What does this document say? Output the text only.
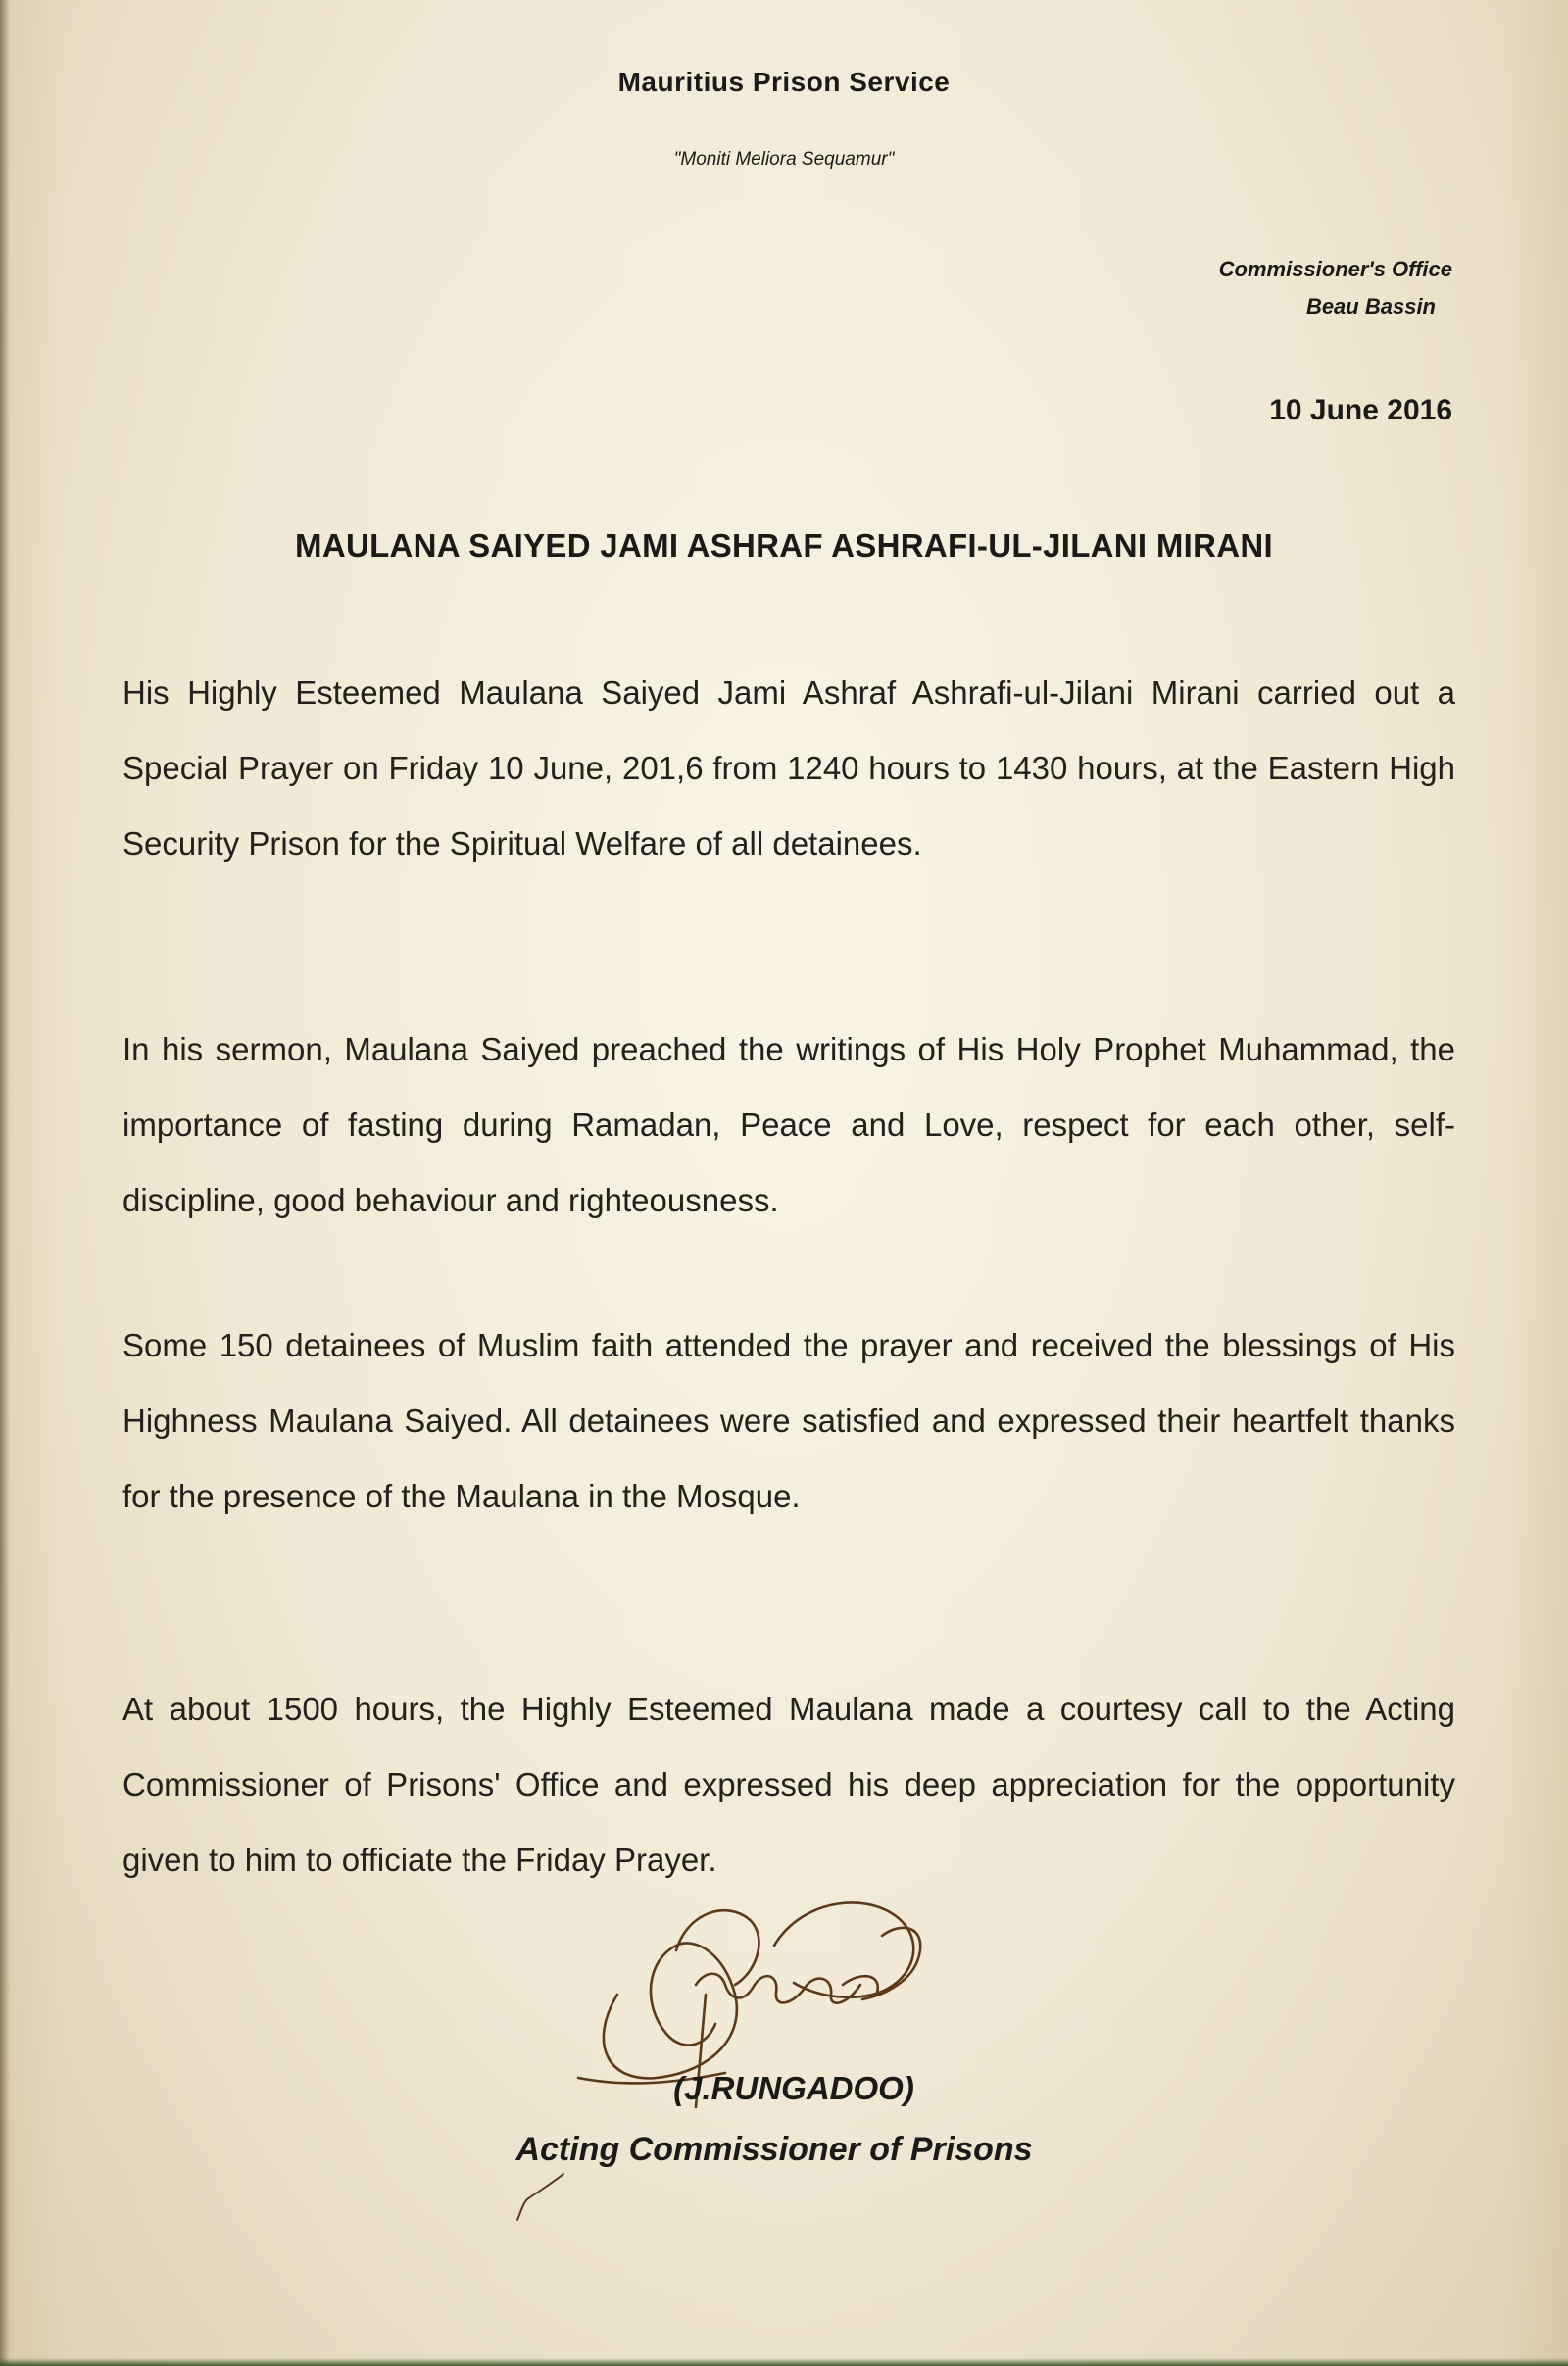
Mauritius Prison Service
"Moniti Meliora Sequamur"
Commissioner's Office
Beau Bassin
10 June 2016
MAULANA SAIYED JAMI ASHRAF ASHRAFI-UL-JILANI MIRANI
His Highly Esteemed Maulana Saiyed Jami Ashraf Ashrafi-ul-Jilani Mirani carried out a Special Prayer on Friday 10 June, 201,6 from 1240 hours to 1430 hours, at the Eastern High Security Prison for the Spiritual Welfare of all detainees.
In his sermon, Maulana Saiyed preached the writings of His Holy Prophet Muhammad, the importance of fasting during Ramadan, Peace and Love, respect for each other, self-discipline, good behaviour and righteousness.
Some 150 detainees of Muslim faith attended the prayer and received the blessings of His Highness Maulana Saiyed. All detainees were satisfied and expressed their heartfelt thanks for the presence of the Maulana in the Mosque.
At about 1500 hours, the Highly Esteemed Maulana made a courtesy call to the Acting Commissioner of Prisons' Office and expressed his deep appreciation for the opportunity given to him to officiate the Friday Prayer.
(J.RUNGADOO)
Acting Commissioner of Prisons
